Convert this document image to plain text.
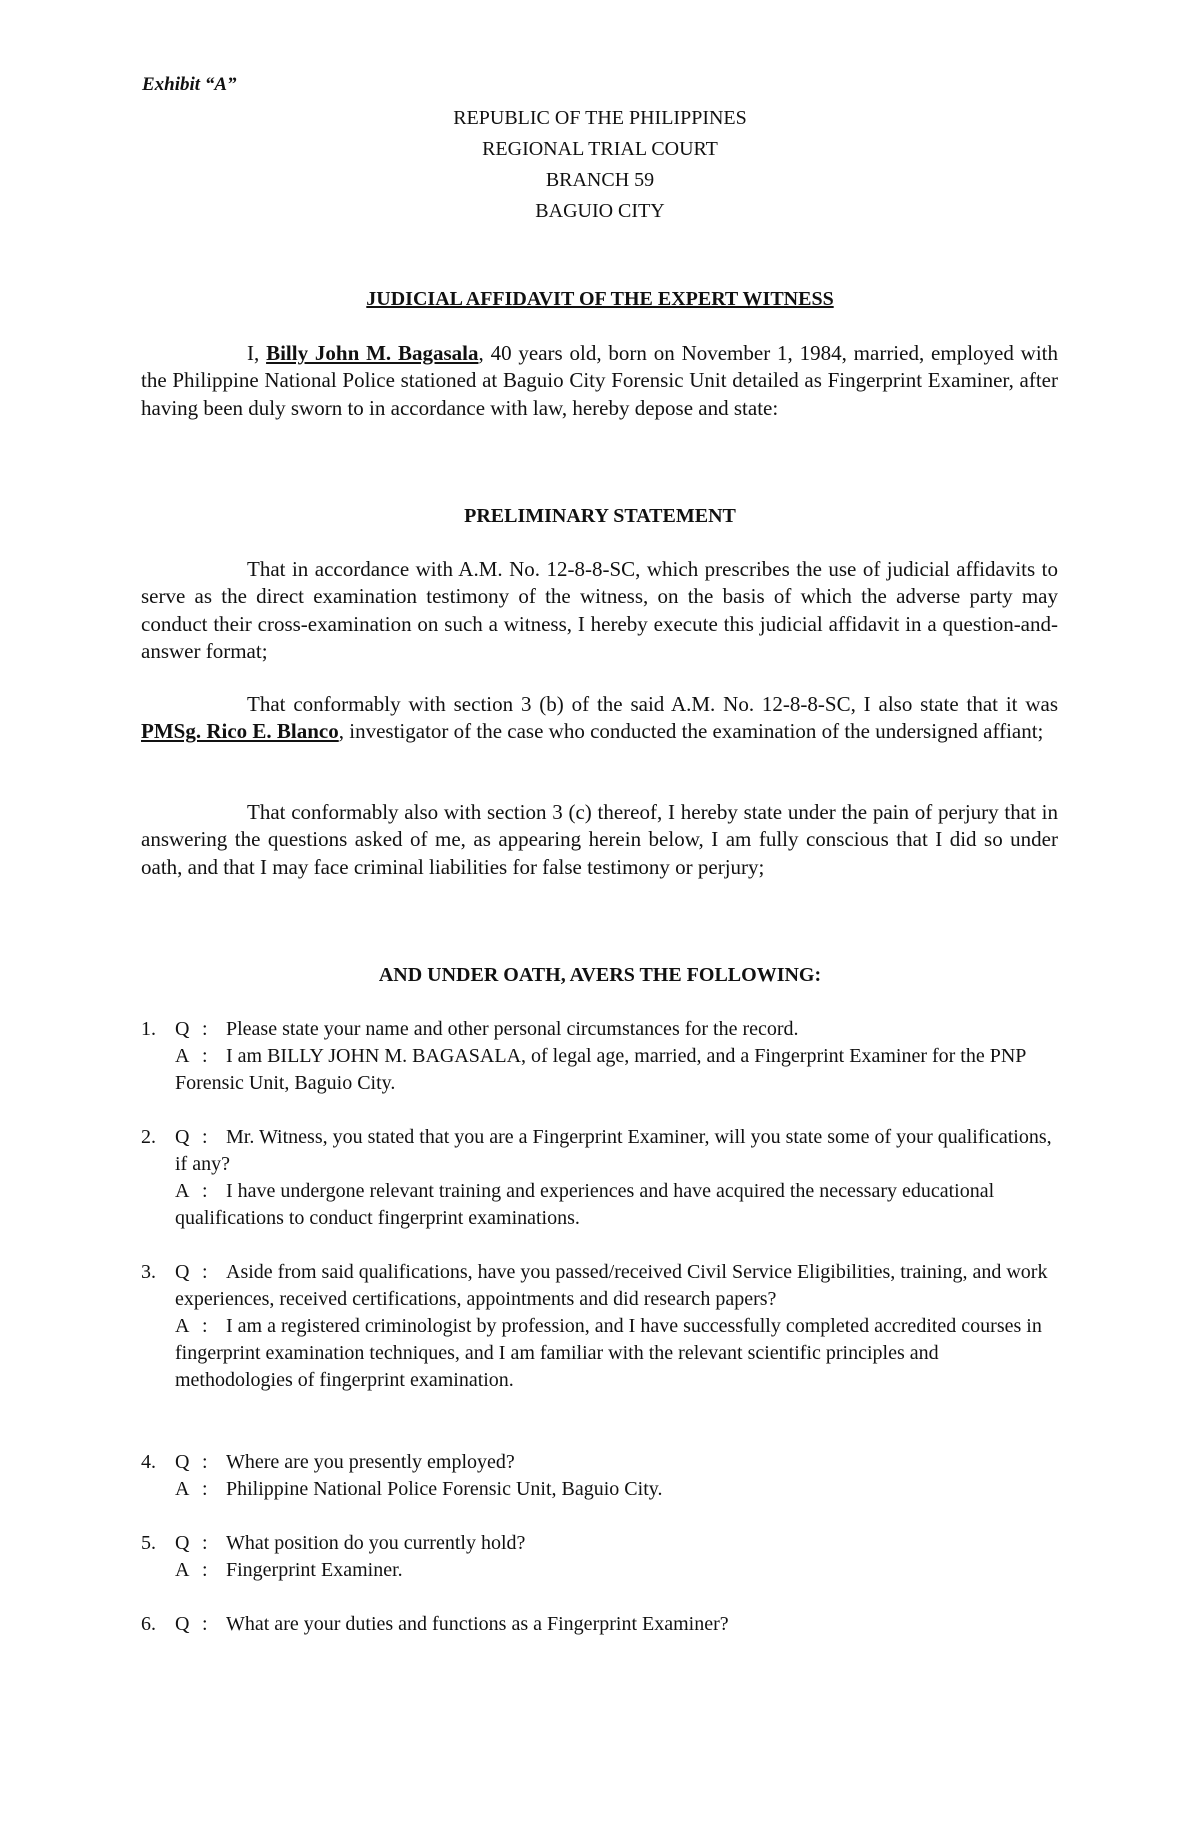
Exhibit “A”
REPUBLIC OF THE PHILIPPINES
REGIONAL TRIAL COURT
BRANCH 59
BAGUIO CITY
JUDICIAL AFFIDAVIT OF THE EXPERT WITNESS
I, Billy John M. Bagasala, 40 years old, born on November 1, 1984, married, employed with the Philippine National Police stationed at Baguio City Forensic Unit detailed as Fingerprint Examiner, after having been duly sworn to in accordance with law, hereby depose and state:
PRELIMINARY STATEMENT
That in accordance with A.M. No. 12-8-8-SC, which prescribes the use of judicial affidavits to serve as the direct examination testimony of the witness, on the basis of which the adverse party may conduct their cross-examination on such a witness, I hereby execute this judicial affidavit in a question-and-answer format;
That conformably with section 3 (b) of the said A.M. No. 12-8-8-SC, I also state that it was PMSg. Rico E. Blanco, investigator of the case who conducted the examination of the undersigned affiant;
That conformably also with section 3 (c) thereof, I hereby state under the pain of perjury that in answering the questions asked of me, as appearing herein below, I am fully conscious that I did so under oath, and that I may face criminal liabilities for false testimony or perjury;
AND UNDER OATH, AVERS THE FOLLOWING:
1. Q : Please state your name and other personal circumstances for the record.
A : I am BILLY JOHN M. BAGASALA, of legal age, married, and a Fingerprint Examiner for the PNP Forensic Unit, Baguio City.
2. Q : Mr. Witness, you stated that you are a Fingerprint Examiner, will you state some of your qualifications, if any?
A : I have undergone relevant training and experiences and have acquired the necessary educational qualifications to conduct fingerprint examinations.
3. Q : Aside from said qualifications, have you passed/received Civil Service Eligibilities, training, and work experiences, received certifications, appointments and did research papers?
A : I am a registered criminologist by profession, and I have successfully completed accredited courses in fingerprint examination techniques, and I am familiar with the relevant scientific principles and methodologies of fingerprint examination.
4. Q : Where are you presently employed?
A : Philippine National Police Forensic Unit, Baguio City.
5. Q : What position do you currently hold?
A : Fingerprint Examiner.
6. Q : What are your duties and functions as a Fingerprint Examiner?
